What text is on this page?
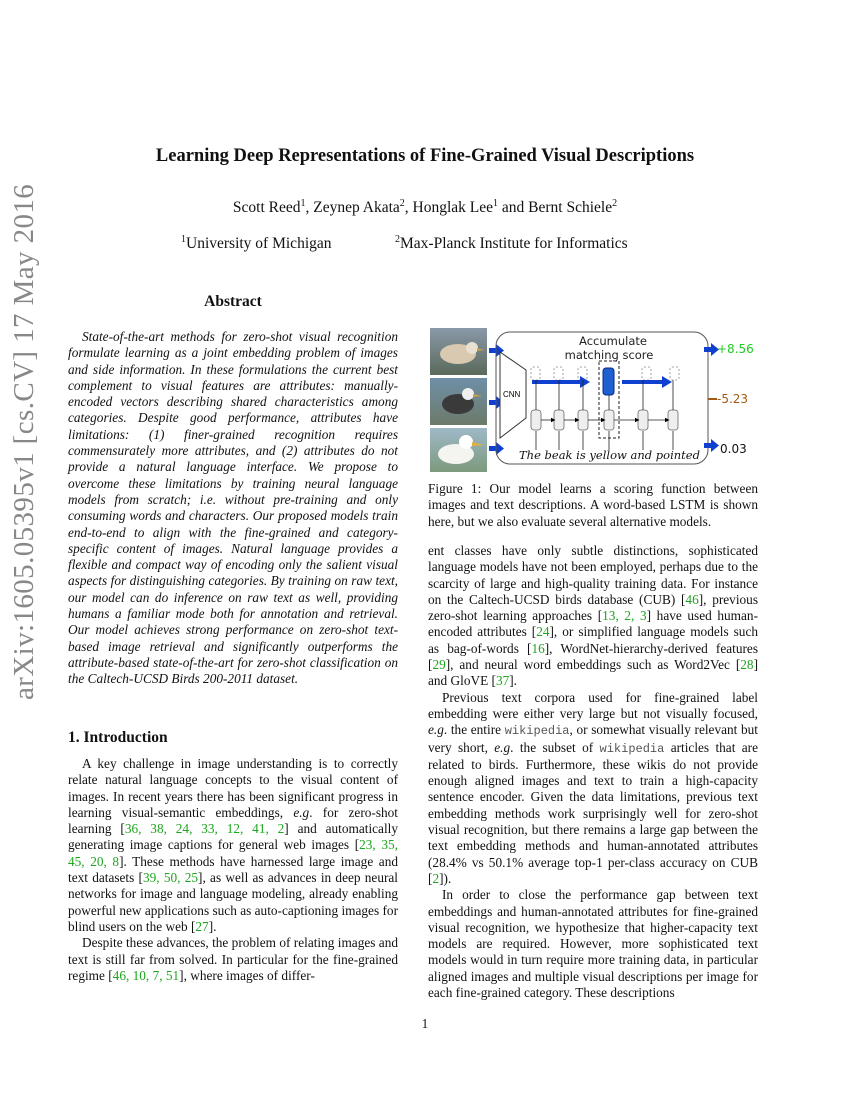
arXiv:1605.05395v1 [cs.CV] 17 May 2016
Learning Deep Representations of Fine-Grained Visual Descriptions
Scott Reed$^1$, Zeynep Akata$^2$, Honglak Lee$^1$ and Bernt Schiele$^2$
$^1$University of Michigan	$^2$Max-Planck Institute for Informatics
Abstract

State-of-the-art methods for zero-shot visual recognition formulate learning as a joint embedding problem of images and side information. In these formulations the current best complement to visual features are attributes: manually-encoded vectors describing shared characteristics among categories. Despite good performance, attributes have limitations: (1) finer-grained recognition requires commensurately more attributes, and (2) attributes do not provide a natural language interface. We propose to overcome these limitations by training neural language models from scratch; i.e. without pre-training and only consuming words and characters. Our proposed models train end-to-end to align with the fine-grained and category-specific content of images. Natural language provides a flexible and compact way of encoding only the salient visual aspects for distinguishing categories. By training on raw text, our model can do inference on raw text as well, providing humans a familiar mode both for annotation and retrieval. Our model achieves strong performance on zero-shot text-based image retrieval and significantly outperforms the attribute-based state-of-the-art for zero-shot classification on the Caltech-UCSD Birds 200-2011 dataset.

1. Introduction

A key challenge in image understanding is to correctly relate natural language concepts to the visual content of images. In recent years there has been significant progress in learning visual-semantic embeddings, e.g. for zero-shot learning [36, 38, 24, 33, 12, 41, 2] and automatically generating image captions for general web images [23, 35, 45, 20, 8]. These methods have harnessed large image and text datasets [39, 50, 25], as well as advances in deep neural networks for image and language modeling, already enabling powerful new applications such as auto-captioning images for blind users on the web [27].

Despite these advances, the problem of relating images and text is still far from solved. In particular for the fine-grained regime [46, 10, 7, 51], where images of differ-

CNN
Accumulate
matching score
The beak is yellow and pointed
+8.56
-5.23
0.03
Figure 1: Our model learns a scoring function between images and text descriptions. A word-based LSTM is shown here, but we also evaluate several alternative models.

ent classes have only subtle distinctions, sophisticated language models have not been employed, perhaps due to the scarcity of large and high-quality training data. For instance on the Caltech-UCSD birds database (CUB) [46], previous zero-shot learning approaches [13, 2, 3] have used human-encoded attributes [24], or simplified language models such as bag-of-words [16], WordNet-hierarchy-derived features [29], and neural word embeddings such as Word2Vec [28] and GloVE [37].

Previous text corpora used for fine-grained label embedding were either very large but not visually focused, e.g. the entire wikipedia, or somewhat visually relevant but very short, e.g. the subset of wikipedia articles that are related to birds. Furthermore, these wikis do not provide enough aligned images and text to train a high-capacity sentence encoder. Given the data limitations, previous text embedding methods work surprisingly well for zero-shot visual recognition, but there remains a large gap between the text embedding methods and human-annotated attributes (28.4% vs 50.1% average top-1 per-class accuracy on CUB [2]).

In order to close the performance gap between text embeddings and human-annotated attributes for fine-grained visual recognition, we hypothesize that higher-capacity text models are required. However, more sophisticated text models would in turn require more training data, in particular aligned images and multiple visual descriptions per image for each fine-grained category. These descriptions

1
